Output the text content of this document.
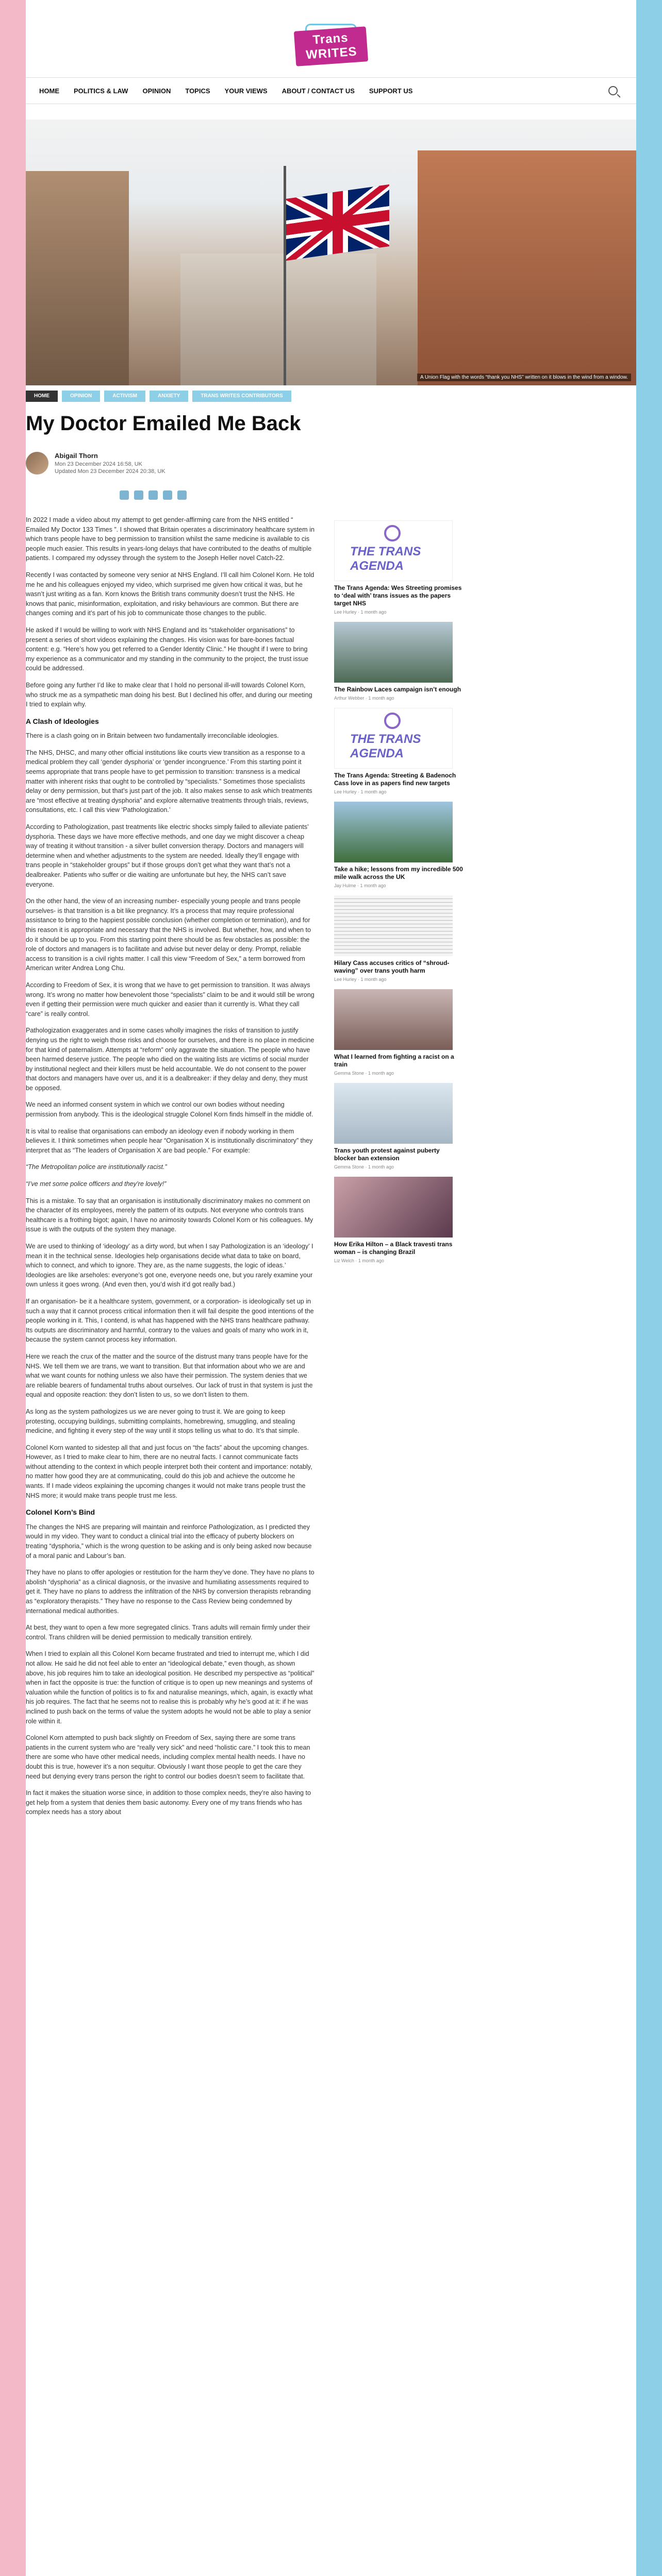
Trans WRITES
HOME POLITICS & LAW OPINION TOPICS YOUR VIEWS ABOUT / CONTACT US SUPPORT US
A Union Flag with the words “thank you NHS” written on it blows in the wind from a window.
HOME	OPINION	ACTIVISM	ANXIETY	TRANS WRITES CONTRIBUTORS
My Doctor Emailed Me Back
Abigail Thorn
Mon 23 December 2024 16:58, UK
Updated Mon 23 December 2024 20:38, UK

In 2022 I made a video about my attempt to get gender-affirming care from the NHS entitled “ Emailed My Doctor 133 Times ”. I showed that Britain operates a discriminatory healthcare system in which trans people have to beg permission to transition whilst the same medicine is available to cis people much easier. This results in years-long delays that have contributed to the deaths of multiple patients. I compared my odyssey through the system to the Joseph Heller novel Catch-22.

Recently I was contacted by someone very senior at NHS England. I’ll call him Colonel Korn. He told me he and his colleagues enjoyed my video, which surprised me given how critical it was, but he wasn’t just writing as a fan. Korn knows the British trans community doesn’t trust the NHS. He knows that panic, misinformation, exploitation, and risky behaviours are common. But there are changes coming and it’s part of his job to communicate those changes to the public.

He asked if I would be willing to work with NHS England and its “stakeholder organisations” to present a series of short videos explaining the changes. His vision was for bare-bones factual content: e.g. “Here’s how you get referred to a Gender Identity Clinic.” He thought if I were to bring my experience as a communicator and my standing in the community to the project, the trust issue could be addressed.

Before going any further I’d like to make clear that I hold no personal ill-will towards Colonel Korn, who struck me as a sympathetic man doing his best. But I declined his offer, and during our meeting I tried to explain why.

A Clash of Ideologies

There is a clash going on in Britain between two fundamentally irreconcilable ideologies.

The NHS, DHSC, and many other official institutions like courts view transition as a response to a medical problem they call ‘gender dysphoria’ or ‘gender incongruence.’ From this starting point it seems appropriate that trans people have to get permission to transition: transness is a medical matter with inherent risks that ought to be controlled by “specialists.” Sometimes those specialists delay or deny permission, but that’s just part of the job. It also makes sense to ask which treatments are “most effective at treating dysphoria” and explore alternative treatments through trials, reviews, consultations, etc. I call this view ‘Pathologization.’

According to Pathologization, past treatments like electric shocks simply failed to alleviate patients’ dysphoria. These days we have more effective methods, and one day we might discover a cheap way of treating it without transition - a silver bullet conversion therapy. Doctors and managers will determine when and whether adjustments to the system are needed. Ideally they’ll engage with trans people in “stakeholder groups” but if those groups don’t get what they want that’s not a dealbreaker. Patients who suffer or die waiting are unfortunate but hey, the NHS can’t save everyone.

On the other hand, the view of an increasing number- especially young people and trans people ourselves- is that transition is a bit like pregnancy. It’s a process that may require professional assistance to bring to the happiest possible conclusion (whether completion or termination), and for this reason it is appropriate and necessary that the NHS is involved. But whether, how, and when to do it should be up to you. From this starting point there should be as few obstacles as possible: the role of doctors and managers is to facilitate and advise but never delay or deny. Prompt, reliable access to transition is a civil rights matter. I call this view “Freedom of Sex,” a term borrowed from American writer Andrea Long Chu.

According to Freedom of Sex, it is wrong that we have to get permission to transition. It was always wrong. It’s wrong no matter how benevolent those “specialists” claim to be and it would still be wrong even if getting their permission were much quicker and easier than it currently is. What they call “care” is really control.

Pathologization exaggerates and in some cases wholly imagines the risks of transition to justify denying us the right to weigh those risks and choose for ourselves, and there is no place in medicine for that kind of paternalism. Attempts at “reform” only aggravate the situation. The people who have been harmed deserve justice. The people who died on the waiting lists are victims of social murder by institutional neglect and their killers must be held accountable. We do not consent to the power that doctors and managers have over us, and it is a dealbreaker: if they delay and deny, they must be opposed.

We need an informed consent system in which we control our own bodies without needing permission from anybody. This is the ideological struggle Colonel Korn finds himself in the middle of.

It is vital to realise that organisations can embody an ideology even if nobody working in them believes it. I think sometimes when people hear “Organisation X is institutionally discriminatory” they interpret that as “The leaders of Organisation X are bad people.” For example:

“The Metropolitan police are institutionally racist.”

“I’ve met some police officers and they’re lovely!”

This is a mistake. To say that an organisation is institutionally discriminatory makes no comment on the character of its employees, merely the pattern of its outputs. Not everyone who controls trans healthcare is a frothing bigot; again, I have no animosity towards Colonel Korn or his colleagues. My issue is with the outputs of the system they manage.

We are used to thinking of ‘ideology’ as a dirty word, but when I say Pathologization is an ‘ideology’ I mean it in the technical sense. Ideologies help organisations decide what data to take on board, which to connect, and which to ignore. They are, as the name suggests, the logic of ideas.’ Ideologies are like arseholes: everyone’s got one, everyone needs one, but you rarely examine your own unless it goes wrong. (And even then, you’d wish it’d got really bad.)

If an organisation- be it a healthcare system, government, or a corporation- is ideologically set up in such a way that it cannot process critical information then it will fail despite the good intentions of the people working in it. This, I contend, is what has happened with the NHS trans healthcare pathway. Its outputs are discriminatory and harmful, contrary to the values and goals of many who work in it, because the system cannot process key information.

Here we reach the crux of the matter and the source of the distrust many trans people have for the NHS. We tell them we are trans, we want to transition. But that information about who we are and what we want counts for nothing unless we also have their permission. The system denies that we are reliable bearers of fundamental truths about ourselves. Our lack of trust in that system is just the equal and opposite reaction: they don’t listen to us, so we don’t listen to them.

As long as the system pathologizes us we are never going to trust it. We are going to keep protesting, occupying buildings, submitting complaints, homebrewing, smuggling, and stealing medicine, and fighting it every step of the way until it stops telling us what to do. It’s that simple.

Colonel Korn wanted to sidestep all that and just focus on “the facts” about the upcoming changes. However, as I tried to make clear to him, there are no neutral facts. I cannot communicate facts without attending to the context in which people interpret both their content and importance: notably, no matter how good they are at communicating, could do this job and achieve the outcome he wants. If I made videos explaining the upcoming changes it would not make trans people trust the NHS more; it would make trans people trust me less.

Colonel Korn’s Bind

The changes the NHS are preparing will maintain and reinforce Pathologization, as I predicted they would in my video. They want to conduct a clinical trial into the efficacy of puberty blockers on treating “dysphoria,” which is the wrong question to be asking and is only being asked now because of a moral panic and Labour’s ban.

They have no plans to offer apologies or restitution for the harm they’ve done. They have no plans to abolish “dysphoria” as a clinical diagnosis, or the invasive and humiliating assessments required to get it. They have no plans to address the infiltration of the NHS by conversion therapists rebranding as “exploratory therapists.” They have no response to the Cass Review being condemned by international medical authorities.

At best, they want to open a few more segregated clinics. Trans adults will remain firmly under their control. Trans children will be denied permission to medically transition entirely.

When I tried to explain all this Colonel Korn became frustrated and tried to interrupt me, which I did not allow. He said he did not feel able to enter an “ideological debate,” even though, as shown above, his job requires him to take an ideological position. He described my perspective as “political” when in fact the opposite is true: the function of critique is to open up new meanings and systems of valuation while the function of politics is to fix and naturalise meanings, which, again, is exactly what his job requires. The fact that he seems not to realise this is probably why he’s good at it: if he was inclined to push back on the terms of value the system adopts he would not be able to play a senior role within it.

Colonel Korn attempted to push back slightly on Freedom of Sex, saying there are some trans patients in the current system who are “really very sick” and need “holistic care.” I took this to mean there are some who have other medical needs, including complex mental health needs. I have no doubt this is true, however it’s a non sequitur. Obviously I want those people to get the care they need but denying every trans person the right to control our bodies doesn’t seem to facilitate that.

In fact it makes the situation worse since, in addition to those complex needs, they’re also having to get help from a system that denies them basic autonomy. Every one of my trans friends who has complex needs has a story about

THE TRANS AGENDA
The Trans Agenda: Wes Streeting promises to ‘deal with’ trans issues as the papers target NHS
Lee Hurley · 1 month ago
The Rainbow Laces campaign isn’t enough
Arthur Webber · 1 month ago
THE TRANS AGENDA
The Trans Agenda: Streeting & Badenoch Cass love in as papers find new targets
Lee Hurley · 1 month ago
Take a hike; lessons from my incredible 500 mile walk across the UK
Jay Hulme · 1 month ago
Hilary Cass accuses critics of “shroud-waving” over trans youth harm
Lee Hurley · 1 month ago
What I learned from fighting a racist on a train
Gemma Stone · 1 month ago
Trans youth protest against puberty blocker ban extension
Gemma Stone · 1 month ago
How Erika Hilton – a Black travesti trans woman – is changing Brazil
Liz Welch · 1 month ago
